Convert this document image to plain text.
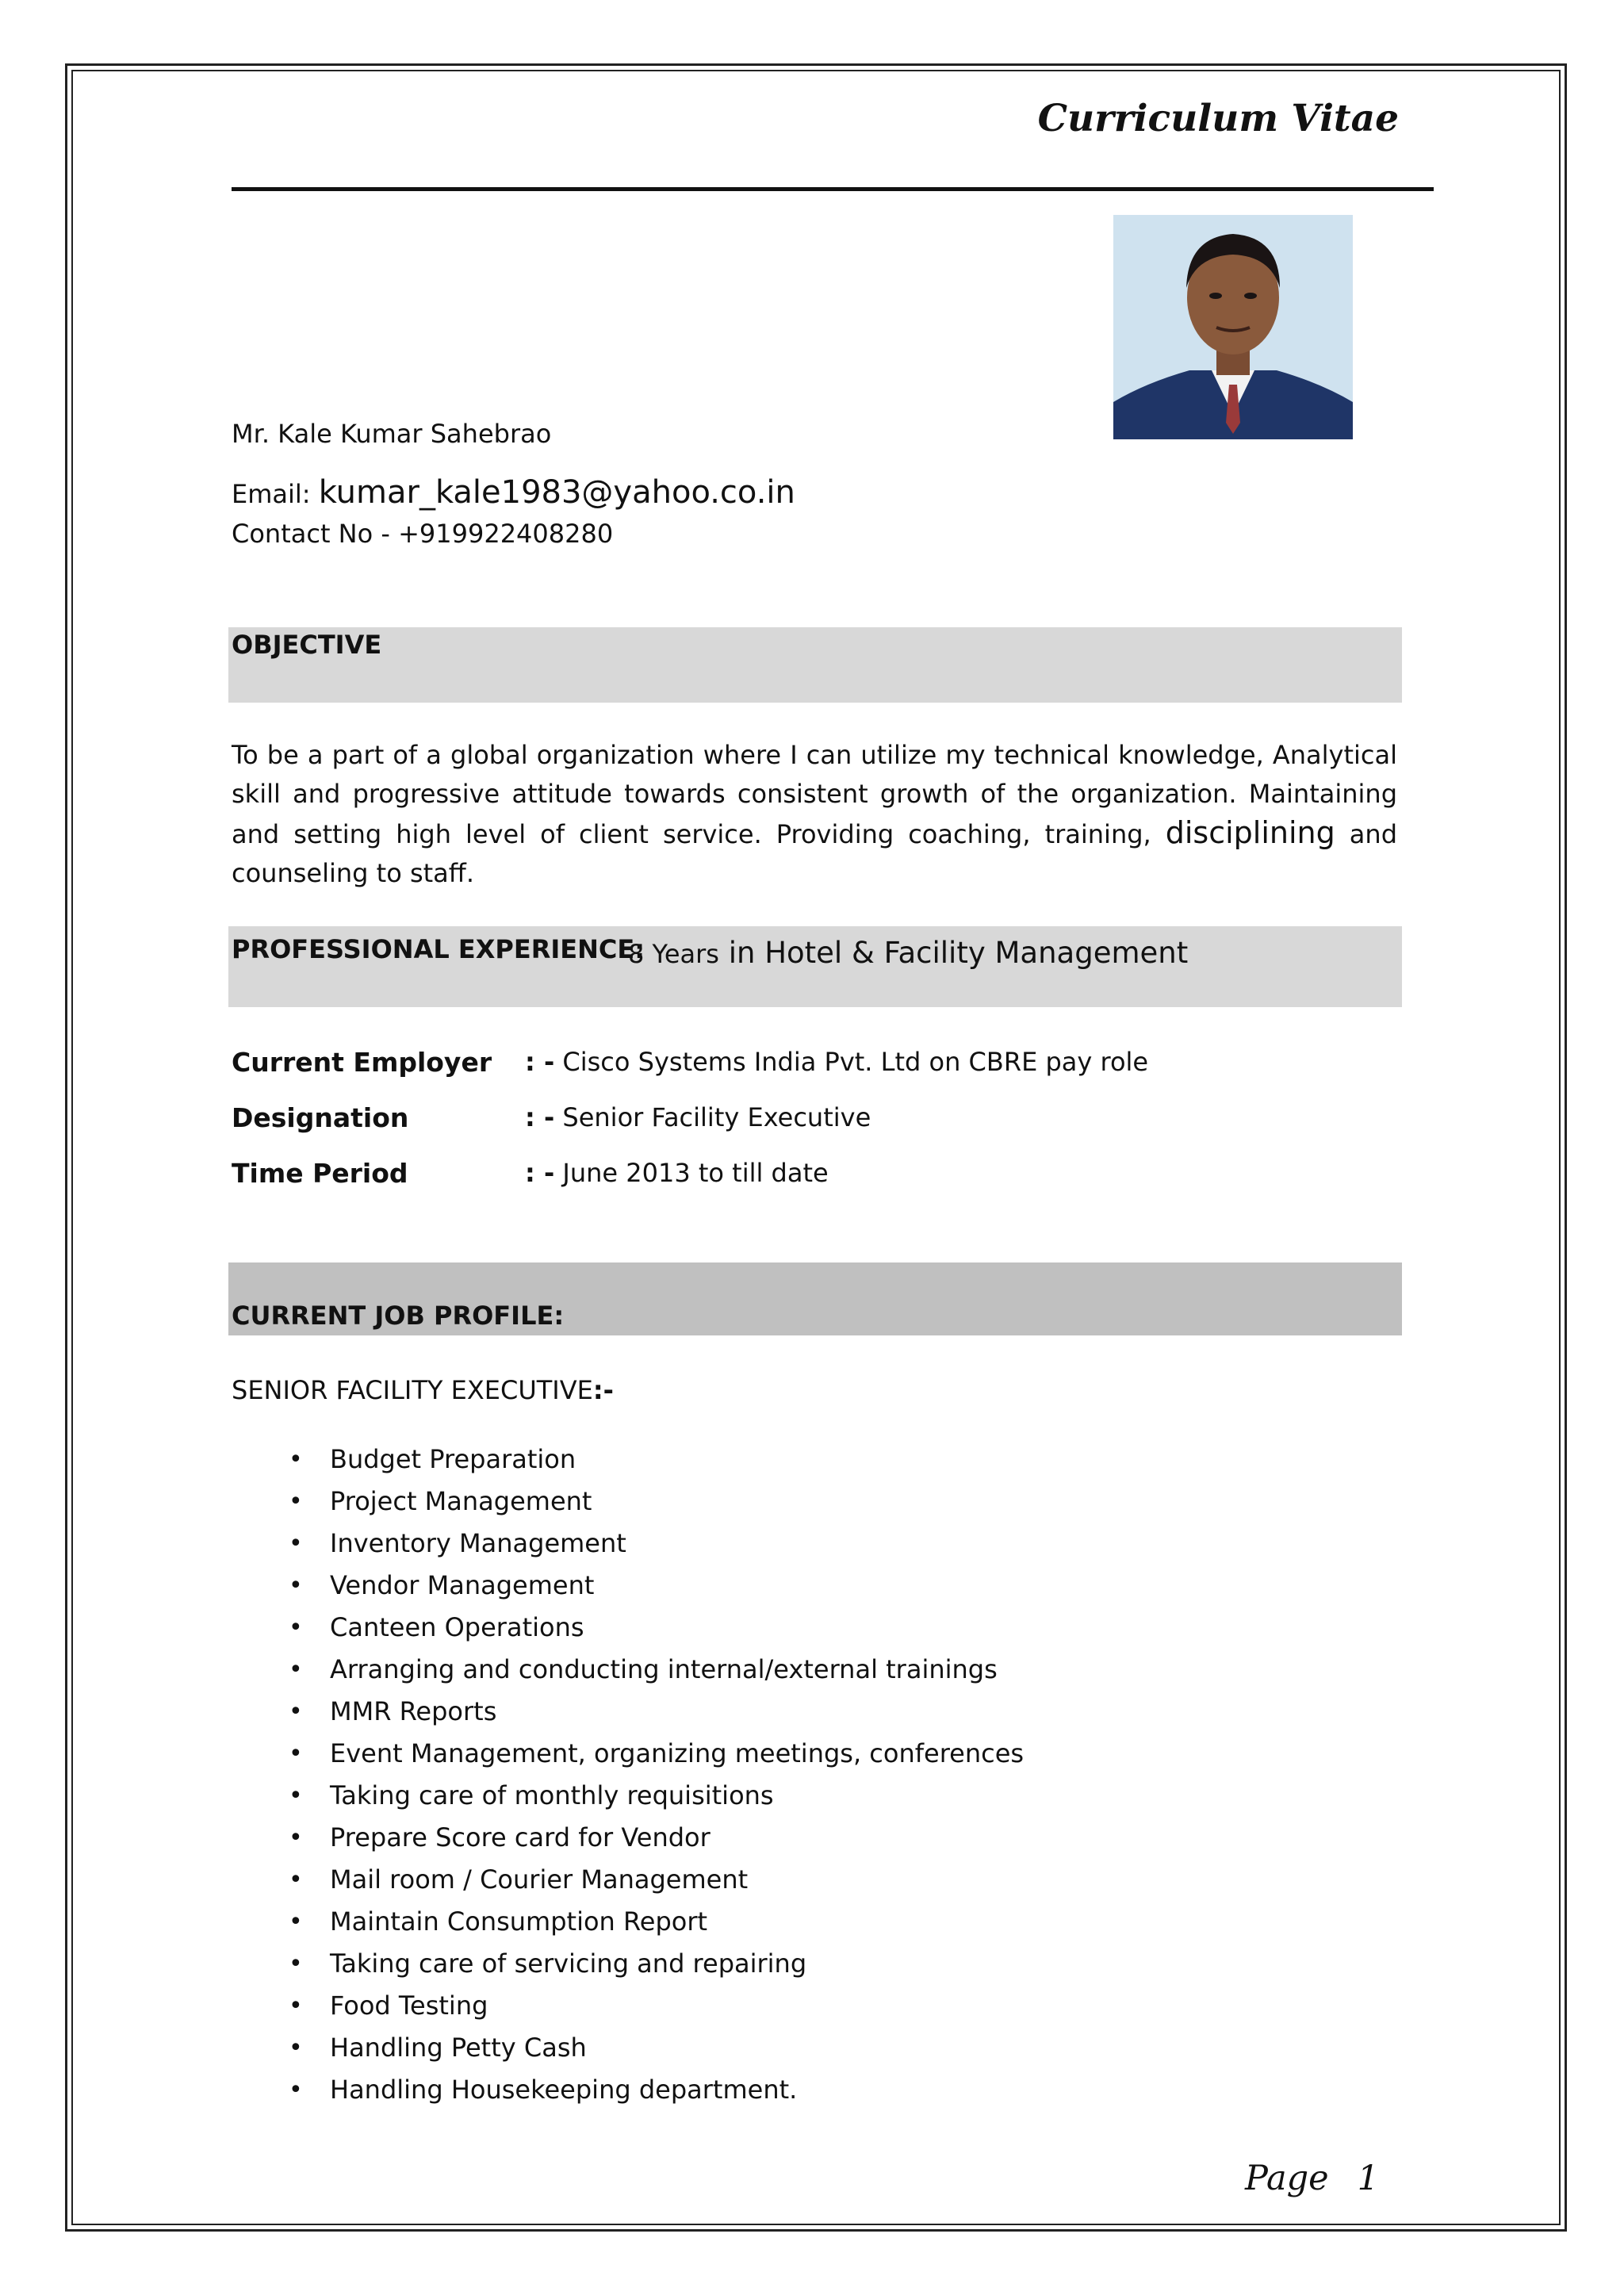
Curriculum Vitae
Mr. Kale Kumar Sahebrao
Email: kumar_kale1983@yahoo.co.in
Contact No - +919922408280
OBJECTIVE
To be a part of a global organization where I can utilize my technical knowledge, Analytical skill and progressive attitude towards consistent growth of the organization. Maintaining and setting high level of client service. Providing coaching, training, disciplining and counseling to staff.
PROFESSIONAL EXPERIENCE:
8 Years in Hotel & Facility Management
Current Employer : - Cisco Systems India Pvt. Ltd on CBRE pay role
Designation	: - Senior Facility Executive
Time Period	: - June 2013 to till date
CURRENT JOB PROFILE:
SENIOR FACILITY EXECUTIVE:-
• Budget Preparation
• Project Management
• Inventory Management
• Vendor Management
• Canteen Operations
• Arranging and conducting internal/external trainings
• MMR Reports
• Event Management, organizing meetings, conferences
• Taking care of monthly requisitions
• Prepare Score card for Vendor
• Mail room / Courier Management
• Maintain Consumption Report
• Taking care of servicing and repairing
• Food Testing
• Handling Petty Cash
• Handling Housekeeping department.
Page 1
